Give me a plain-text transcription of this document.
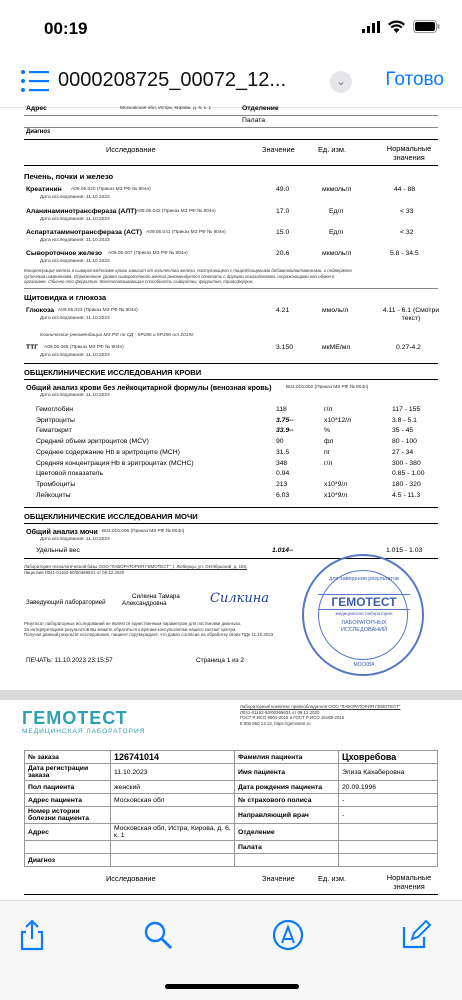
00:19
0000208725_00072_12...	⌄	Готово
Адрес	Московская обл, Истра, Кирова, д. 6, к. 1	Отделение
Палата
Диагноз
Исследование	Значение	Ед. изм.	Нормальные значения
Печень, почки и железо
Креатинин A09.05.020 (Приказ МЗ РФ № 804н)	49.0	мкмоль/л	44 - 88
Дата исследования: 11.10.2023
Аланинаминотрансфераза (АЛТ) A09.05.042 (Приказ МЗ РФ № 804н)	17.0	Ед/л	< 33
Дата исследования: 11.10.2023
Аспартатаминотрансфераза (АСТ) A09.05.041 (Приказ МЗ РФ № 804н)	15.0	Ед/л	< 32
Дата исследования: 11.10.2023
Сывороточное железо A09.05.007 (Приказ МЗ РФ № 804н)	20.6	мкмоль/л	5.8 - 34.5
Дата исследования: 11.10.2023
Концентрация железа в сыворотке/плазме крови зависит от количества железа, поступающего с пищей/пищевыми добавками/витаминами, и подвержено
суточным изменениям. Определение уровня сывороточного железа рекомендуется сочетать с другими показателями, отражающими его обмен в
организме. Обычно это ферритин. Железосвязывающая способность сыворотки, ферритин, трансферрин.
Щитовидка и глюкоза
Глюкоза A09.05.023 (Приказ МЗ РФ № 804н)	4.21	ммоль/л	4.11 - 6.1 (Смотри текст)
Дата исследования: 11.10.2023
Клинические рекомендации МЗ РФ по СД - КР286 и КР290 от 2019г
ТТГ A09.05.065 (Приказ МЗ РФ № 804н)	3.150	мкМЕ/мл	0.27-4.2
Дата исследования: 11.10.2023
ОБЩЕКЛИНИЧЕСКИЕ ИССЛЕДОВАНИЯ КРОВИ
Общий анализ крови без лейкоцитарной формулы (венозная кровь)	B03.016.002 (Приказ МЗ РФ № 804н)
Дата исследования: 11.10.2023
Гемоглобин	118	г/л	117 - 155
Эритроциты	3.75--	x10*12/л	3.8 - 5.1
Гематокрит	33.9--	%	35 - 45
Средний объем эритроцитов (MCV)	90	фл	80 - 100
Среднее содержание Hb в эритроците (MCH)	31.5	пг	27 - 34
Средняя концентрация Hb в эритроцитах (MCHC)	348	г/л	300 - 380
Цветовой показатель	0.94	0.85 - 1.00
Тромбоциты	213	x10*9/л	180 - 320
Лейкоциты	6.03	x10*9/л	4.5 - 11.3
ОБЩЕКЛИНИЧЕСКИЕ ИССЛЕДОВАНИЯ МОЧИ
Общий анализ мочи B03.016.006 (Приказ МЗ РФ № 804н)
Дата исследования: 11.10.2023
Удельный вес	1.014--	1.015 - 1.03
Лаборатория технологической базы ООО "ЛАБОРАТОРИЯ ГЕМОТЕСТ", г. Люберцы, ул. Октябрьский, д. 183,
Лицензия Л041-01162-50/00369631 от 08.12.2020
Заведующий лабораторией
Силкина Тамара
Александровна	Силкина
Результат лабораторных исследований не является единственным параметром для постановки диагноза.
За интерпретацией результатов Вы можете обратиться к врачам-консультантам нашего контакт центра.
Получая данный результат исследования, пациент подтверждает, что давал согласие на обработку своих ПДн 11.10.2023
ПЕЧАТЬ: 11.10.2023 23:15:57	Страница 1 из 2
для заверения результатов
ГЕМОТЕСТ
медицинская лаборатория
ЛАБОРАТОРНЫХ ИССЛЕДОВАНИЙ
МОСКВА
ГЕМОТЕСТ
МЕДИЦИНСКАЯ ЛАБОРАТОРИЯ
Лабораторный комплекс правообладателя ООО "ЛАБОРАТОРИЯ ГЕМОТЕСТ"
Л041-01162-50/00369631 от 08.12.2020
ГОСТ Р ИСО 9001-2015 и ГОСТ Р ИСО 15189-2015
8 800 550 13 13, https://gemotest.ru
№ заказа	126741014	Фамилия пациента	Цховребова
Дата регистрации заказа	11.10.2023	Имя пациента	Элиза Кахаберовна
Пол пациента	женский	Дата рождения пациента	20.09.1996
Адрес пациента	Московская обл	№ страхового полиса	-
Номер истории болезни пациента		Направляющий врач	-
Адрес	Московская обл, Истра, Кирова, д. 6, к. 1	Отделение	
		Палата	
Диагноз			
Исследование	Значение	Ед. изм.	Нормальные значения
